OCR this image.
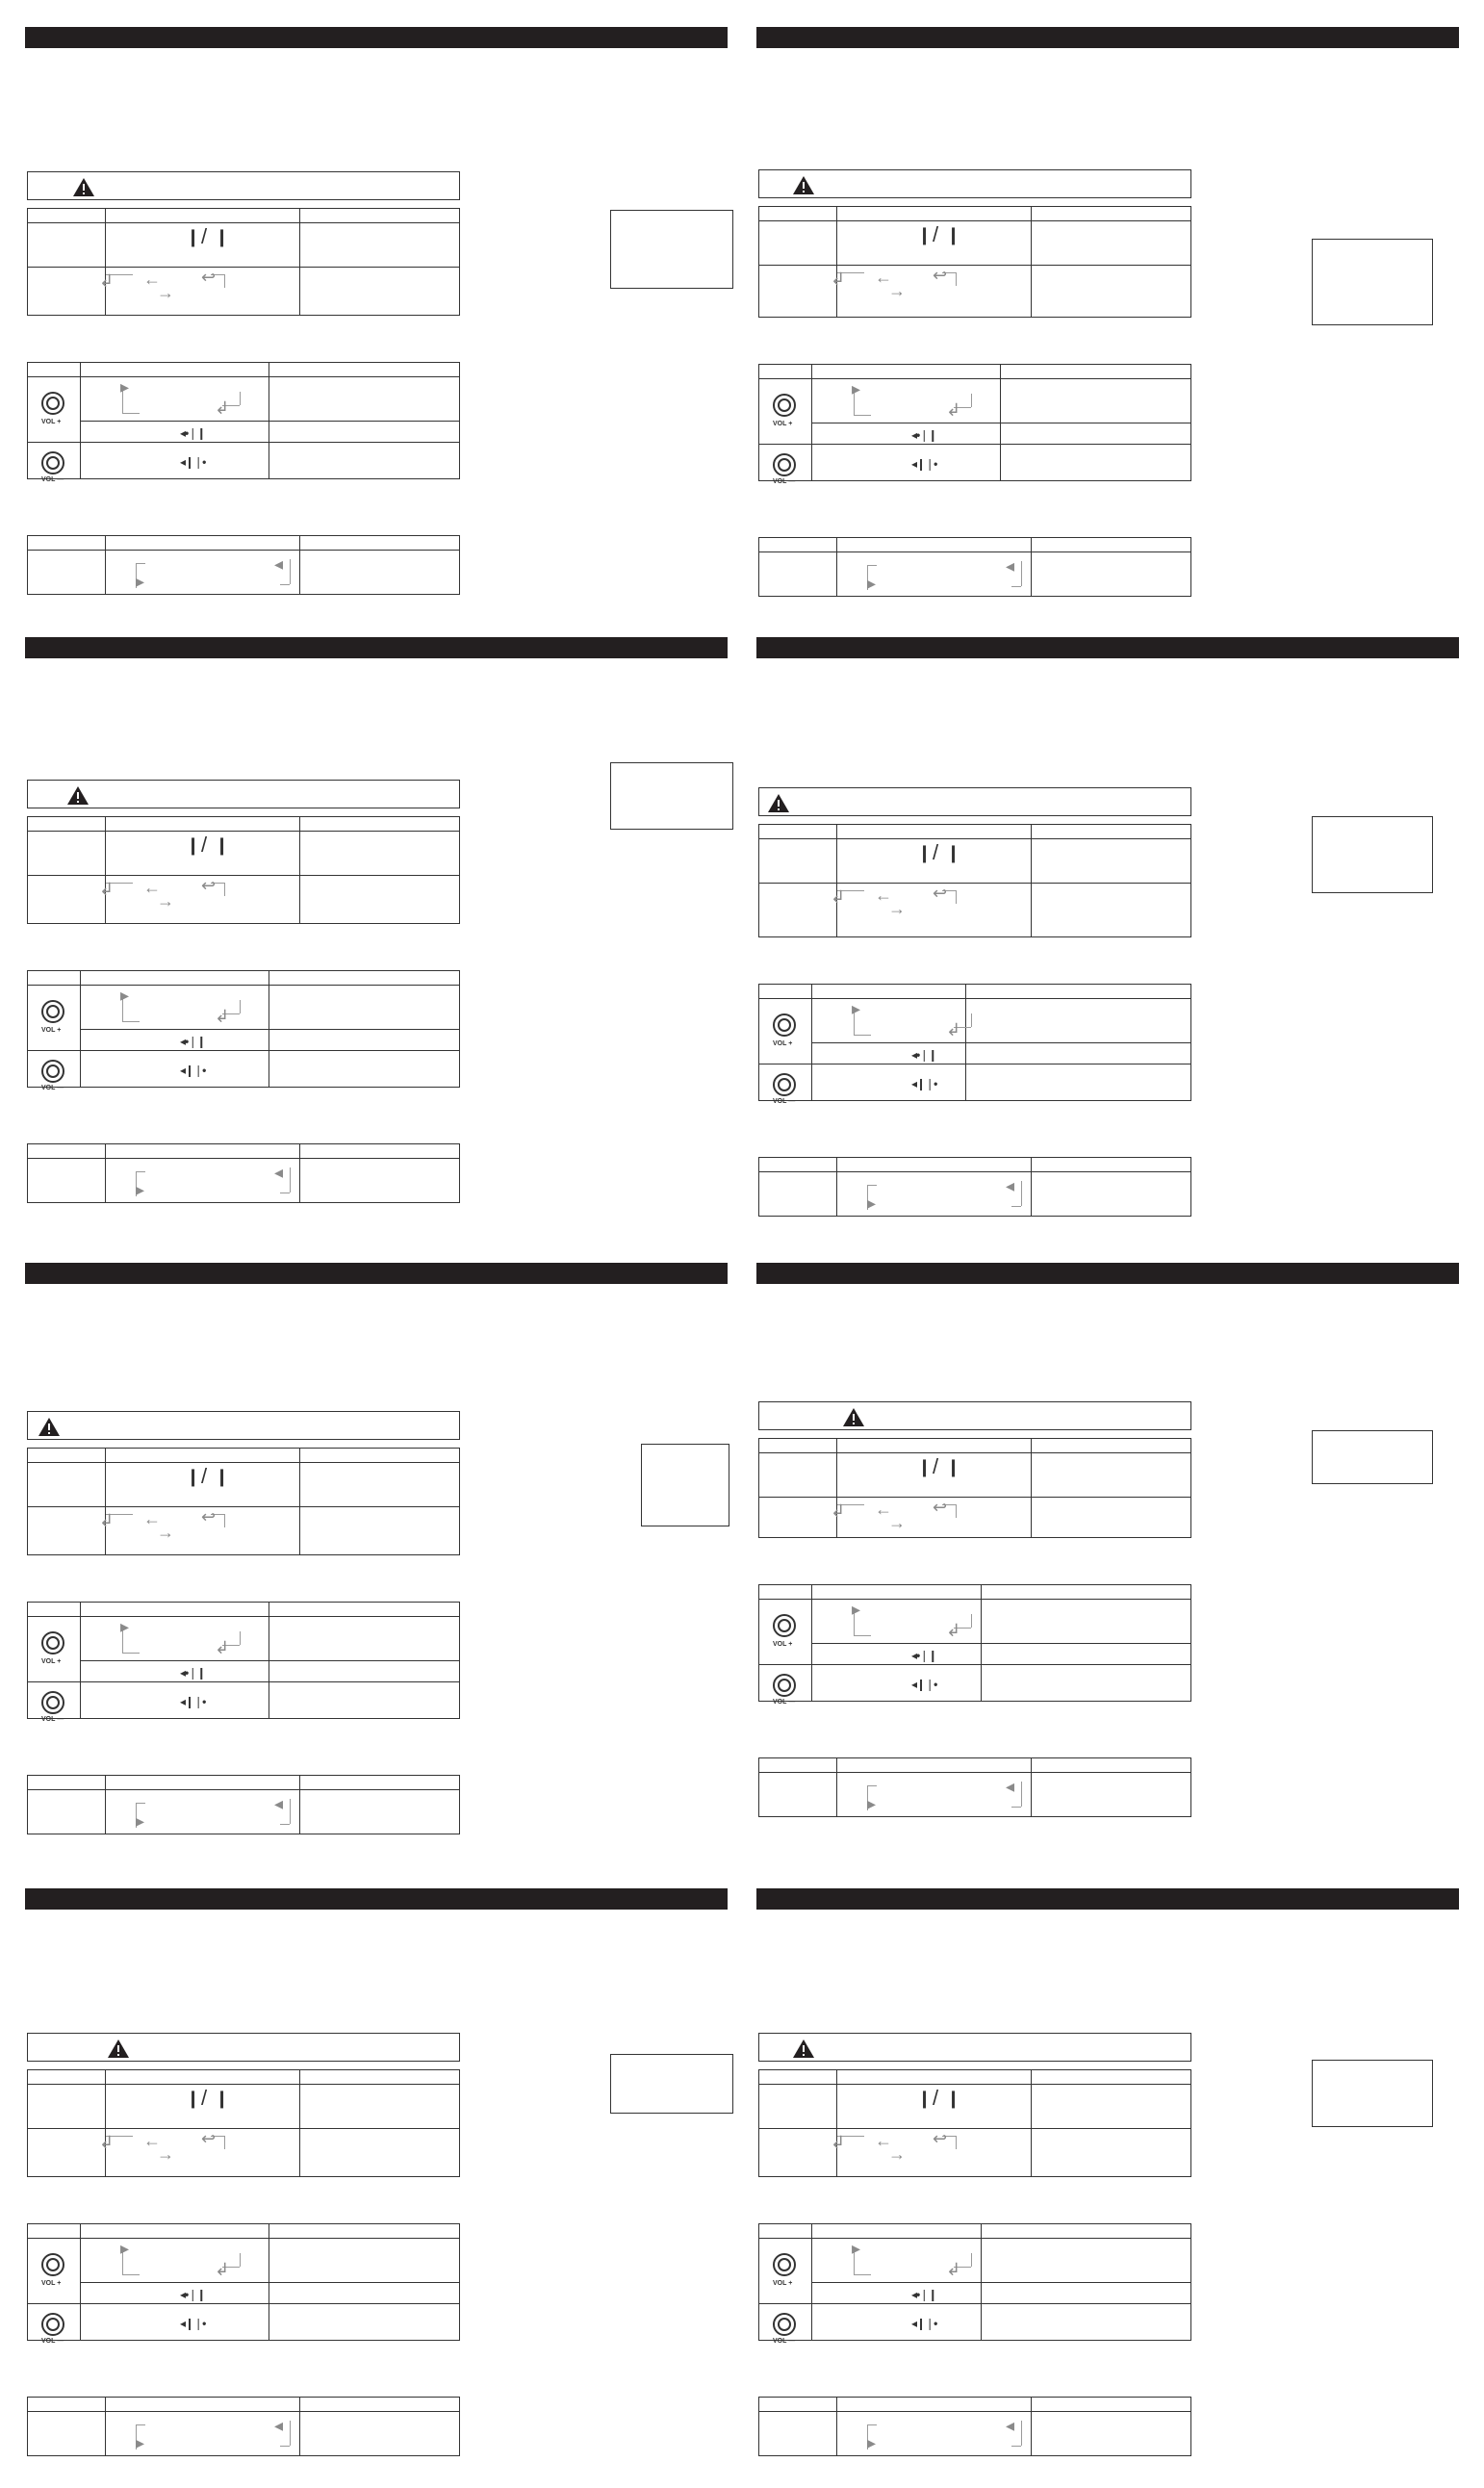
❙ / ❙
↲ ← ↩
→
VOL +
VOL —
▸
↲
◂•❘❙
◂❙❘•
▸
◂
❙ / ❙
↲ ← ↩
→
VOL +
VOL —
▸
↲
◂•❘❙
◂❙❘•
▸
◂
❙ / ❙
↲ ← ↩
→
VOL +
VOL —
▸
↲
◂•❘❙
◂❙❘•
▸
◂
❙ / ❙
↲ ← ↩
→
VOL +
VOL —
▸
↲
◂•❘❙
◂❙❘•
▸
◂
❙ / ❙
↲ ← ↩
→
VOL +
VOL —
▸
↲
◂•❘❙
◂❙❘•
▸
◂
❙ / ❙
↲ ← ↩
→
VOL +
VOL —
▸
↲
◂•❘❙
◂❙❘•
▸
◂
❙ / ❙
↲ ← ↩
→
VOL +
VOL —
▸
↲
◂•❘❙
◂❙❘•
▸
◂
❙ / ❙
↲ ← ↩
→
VOL +
VOL —
▸
↲
◂•❘❙
◂❙❘•
▸
◂
